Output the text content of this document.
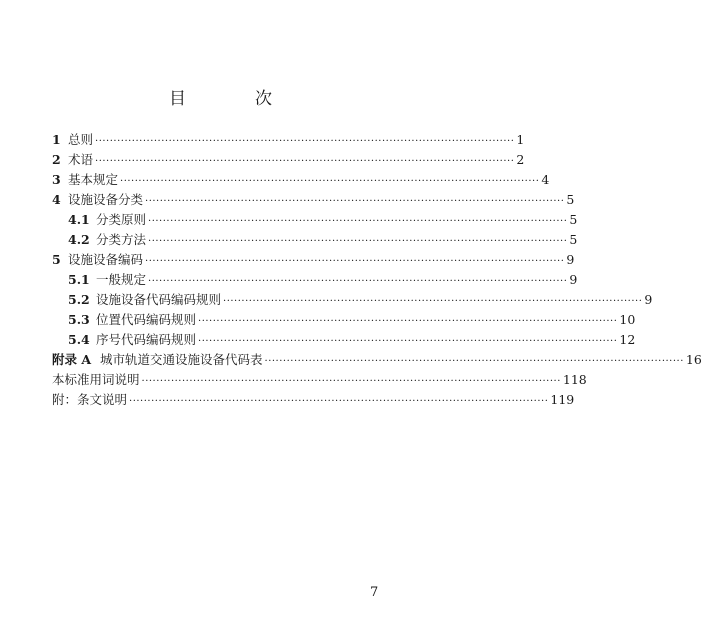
目　次
1 总则 ·················································································································· 1
2 术语 ·················································································································· 2
3 基本规定 ·················································································································· 4
4 设施设备分类 ·················································································································· 5
4.1 分类原则 ·················································································································· 5
4.2 分类方法 ·················································································································· 5
5 设施设备编码 ·················································································································· 9
5.1 一般规定 ·················································································································· 9
5.2 设施设备代码编码规则 ·················································································································· 9
5.3 位置代码编码规则 ·················································································································· 10
5.4 序号代码编码规则 ·················································································································· 12
附录 A 城市轨道交通设施设备代码表 ·················································································································· 16
本标准用词说明 ·················································································································· 118
附：条文说明 ·················································································································· 119
7
